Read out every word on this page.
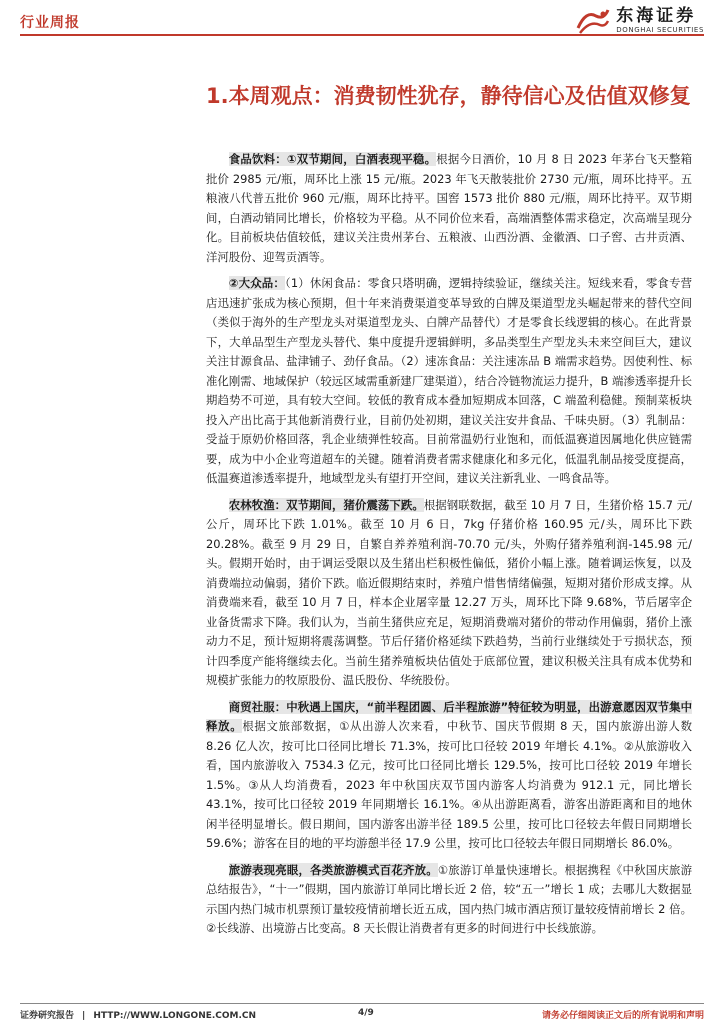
行业周报	东海证券
DONGHAI SECURITIES
1.本周观点：消费韧性犹存，静待信心及估值双修复

食品饮料：①双节期间，白酒表现平稳。根据今日酒价，10 月 8 日 2023 年茅台飞天整箱批价 2985 元/瓶，周环比上涨 15 元/瓶。2023 年飞天散装批价 2730 元/瓶，周环比持平。五粮液八代普五批价 960 元/瓶，周环比持平。国窖 1573 批价 880 元/瓶，周环比持平。双节期间，白酒动销同比增长，价格较为平稳。从不同价位来看，高端酒整体需求稳定，次高端呈现分化。目前板块估值较低，建议关注贵州茅台、五粮液、山西汾酒、金徽酒、口子窖、古井贡酒、洋河股份、迎驾贡酒等。

②大众品：（1）休闲食品：零食只塔明确，逻辑持续验证，继续关注。短线来看，零食专营店迅速扩张成为核心预期，但十年来消费渠道变革导致的白牌及渠道型龙头崛起带来的替代空间（类似于海外的生产型龙头对渠道型龙头、白牌产品替代）才是零食长线逻辑的核心。在此背景下，大单品型生产型龙头替代、集中度提升逻辑鲜明，多品类型生产型龙头未来空间巨大，建议关注甘源食品、盐津铺子、劲仔食品。（2）速冻食品：关注速冻品 B 端需求趋势。因使利性、标准化刚需、地域保护（较远区域需重新建厂建渠道），结合冷链物流运力提升，B 端渗透率提升长期趋势不可逆，具有较大空间。较低的教育成本叠加短期成本回落，C 端盈利稳健。预制菜板块投入产出比高于其他新消费行业，目前仍处初期，建议关注安井食品、千味央厨。（3）乳制品：受益于原奶价格回落，乳企业绩弹性较高。目前常温奶行业饱和，而低温赛道因属地化供应链需要，成为中小企业弯道超车的关键。随着消费者需求健康化和多元化，低温乳制品接受度提高，低温赛道渗透率提升，地域型龙头有望打开空间，建议关注新乳业、一鸣食品等。

农林牧渔：双节期间，猪价震荡下跌。根据钢联数据，截至 10 月 7 日，生猪价格 15.7 元/公斤，周环比下跌 1.01%。截至 10 月 6 日，7kg 仔猪价格 160.95 元/头，周环比下跌 20.28%。截至 9 月 29 日，自繁自养养殖利润-70.70 元/头，外购仔猪养殖利润-145.98 元/头。假期开始时，由于调运受限以及生猪出栏积极性偏低，猪价小幅上涨。随着调运恢复，以及消费端拉动偏弱，猪价下跌。临近假期结束时，养殖户惜售情绪偏强，短期对猪价形成支撑。从消费端来看，截至 10 月 7 日，样本企业屠宰量 12.27 万头，周环比下降 9.68%，节后屠宰企业备货需求下降。我们认为，当前生猪供应充足，短期消费端对猪价的带动作用偏弱，猪价上涨动力不足，预计短期将震荡调整。节后仔猪价格延续下跌趋势，当前行业继续处于亏损状态，预计四季度产能将继续去化。当前生猪养殖板块估值处于底部位置，建议积极关注具有成本优势和规模扩张能力的牧原股份、温氏股份、华统股份。

商贸社服：中秋遇上国庆，“前半程团圆、后半程旅游”特征较为明显，出游意愿因双节集中释放。根据文旅部数据，①从出游人次来看，中秋节、国庆节假期 8 天，国内旅游出游人数 8.26 亿人次，按可比口径同比增长 71.3%，按可比口径较 2019 年增长 4.1%。②从旅游收入看，国内旅游收入 7534.3 亿元，按可比口径同比增长 129.5%，按可比口径较 2019 年增长 1.5%。③从人均消费看，2023 年中秋国庆双节国内游客人均消费为 912.1 元，同比增长 43.1%，按可比口径较 2019 年同期增长 16.1%。④从出游距离看，游客出游距离和目的地休闲半径明显增长。假日期间，国内游客出游半径 189.5 公里，按可比口径较去年假日同期增长 59.6%；游客在目的地的平均游憩半径 17.9 公里，按可比口径较去年假日同期增长 86.0%。

旅游表现亮眼，各类旅游模式百花齐放。①旅游订单量快速增长。根据携程《中秋国庆旅游总结报告》，“十一”假期，国内旅游订单同比增长近 2 倍，较“五一”增长 1 成；去哪儿大数据显示国内热门城市机票预订量较疫情前增长近五成，国内热门城市酒店预订量较疫情前增长 2 倍。②长线游、出境游占比变高。8 天长假让消费者有更多的时间进行中长线旅游。

证券研究报告 | HTTP://WWW.LONGONE.COM.CN	4/9	请务必仔细阅读正文后的所有说明和声明
